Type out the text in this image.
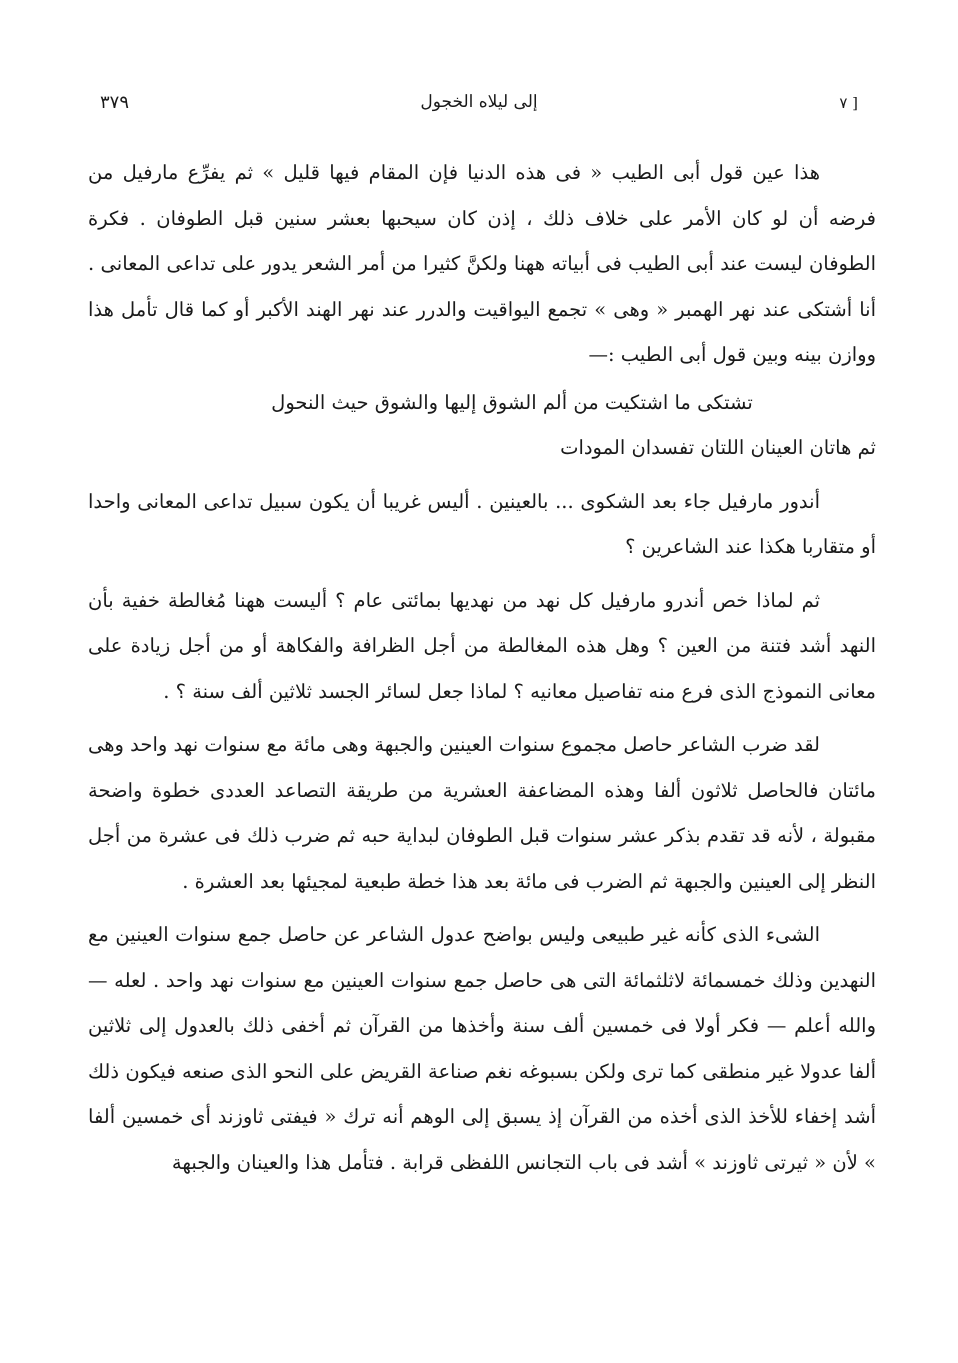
٣٧٩	إلى ليلاه الخجول	[ ٧

هذا عين قول أبى الطيب « فى هذه الدنيا فإن المقام فيها قليل » ثم يفرِّع مارفيل من فرضه أن لو كان الأمر على خلاف ذلك ، إذن كان سيحبها بعشر سنين قبل الطوفان . فكرة الطوفان ليست عند أبى الطيب فى أبياته ههنا ولكنَّ كثيرا من أمر الشعر يدور على تداعى المعانى . أنا أشتكى عند نهر الهمبر « وهى » تجمع اليواقيت والدرر عند نهر الهند الأكبر أو كما قال تأمل هذا ووازن بينه وبين قول أبى الطيب :—

تشتكى ما اشتكيت من ألم الشوق إليها والشوق حيث النحول

ثم هاتان العينان اللتان تفسدان المودات

أندور مارفيل جاء بعد الشكوى ... بالعينين . أليس غريبا أن يكون سبيل تداعى المعانى واحدا أو متقاربا هكذا عند الشاعرين ؟

ثم لماذا خص أندرو مارفيل كل نهد من نهديها بمائتى عام ؟ أليست ههنا مُغالطة خفية بأن النهد أشد فتنة من العين ؟ وهل هذه المغالطة من أجل الظرافة والفكاهة أو من أجل زيادة على معانى النموذج الذى فرع منه تفاصيل معانيه ؟ لماذا جعل لسائر الجسد ثلاثين ألف سنة ؟ .

لقد ضرب الشاعر حاصل مجموع سنوات العينين والجبهة وهى مائة مع سنوات نهد واحد وهى مائتان فالحاصل ثلاثون ألفا وهذه المضاعفة العشرية من طريقة التصاعد العددى خطوة واضحة مقبولة ، لأنه قد تقدم بذكر عشر سنوات قبل الطوفان لبداية حبه ثم ضرب ذلك فى عشرة من أجل النظر إلى العينين والجبهة ثم الضرب فى مائة بعد هذا خطة طبعية لمجيئها بعد العشرة .

الشىء الذى كأنه غير طبيعى وليس بواضح عدول الشاعر عن حاصل جمع سنوات العينين مع النهدين وذلك خمسمائة لاثلثمائة التى هى حاصل جمع سنوات العينين مع سنوات نهد واحد . لعله — والله أعلم — فكر أولا فى خمسين ألف سنة وأخذها من القرآن ثم أخفى ذلك بالعدول إلى ثلاثين ألفا عدولا غير منطقى كما ترى ولكن بسبوغه نغم صناعة القريض على النحو الذى صنعه فيكون ذلك أشد إخفاء للأخذ الذى أخذه من القرآن إذ يسبق إلى الوهم أنه ترك « فيفتى ثاوزند أى خمسين ألفا » لأن « ثيرتى ثاوزند » أشد فى باب التجانس اللفظى قرابة . فتأمل هذا والعينان والجبهة
